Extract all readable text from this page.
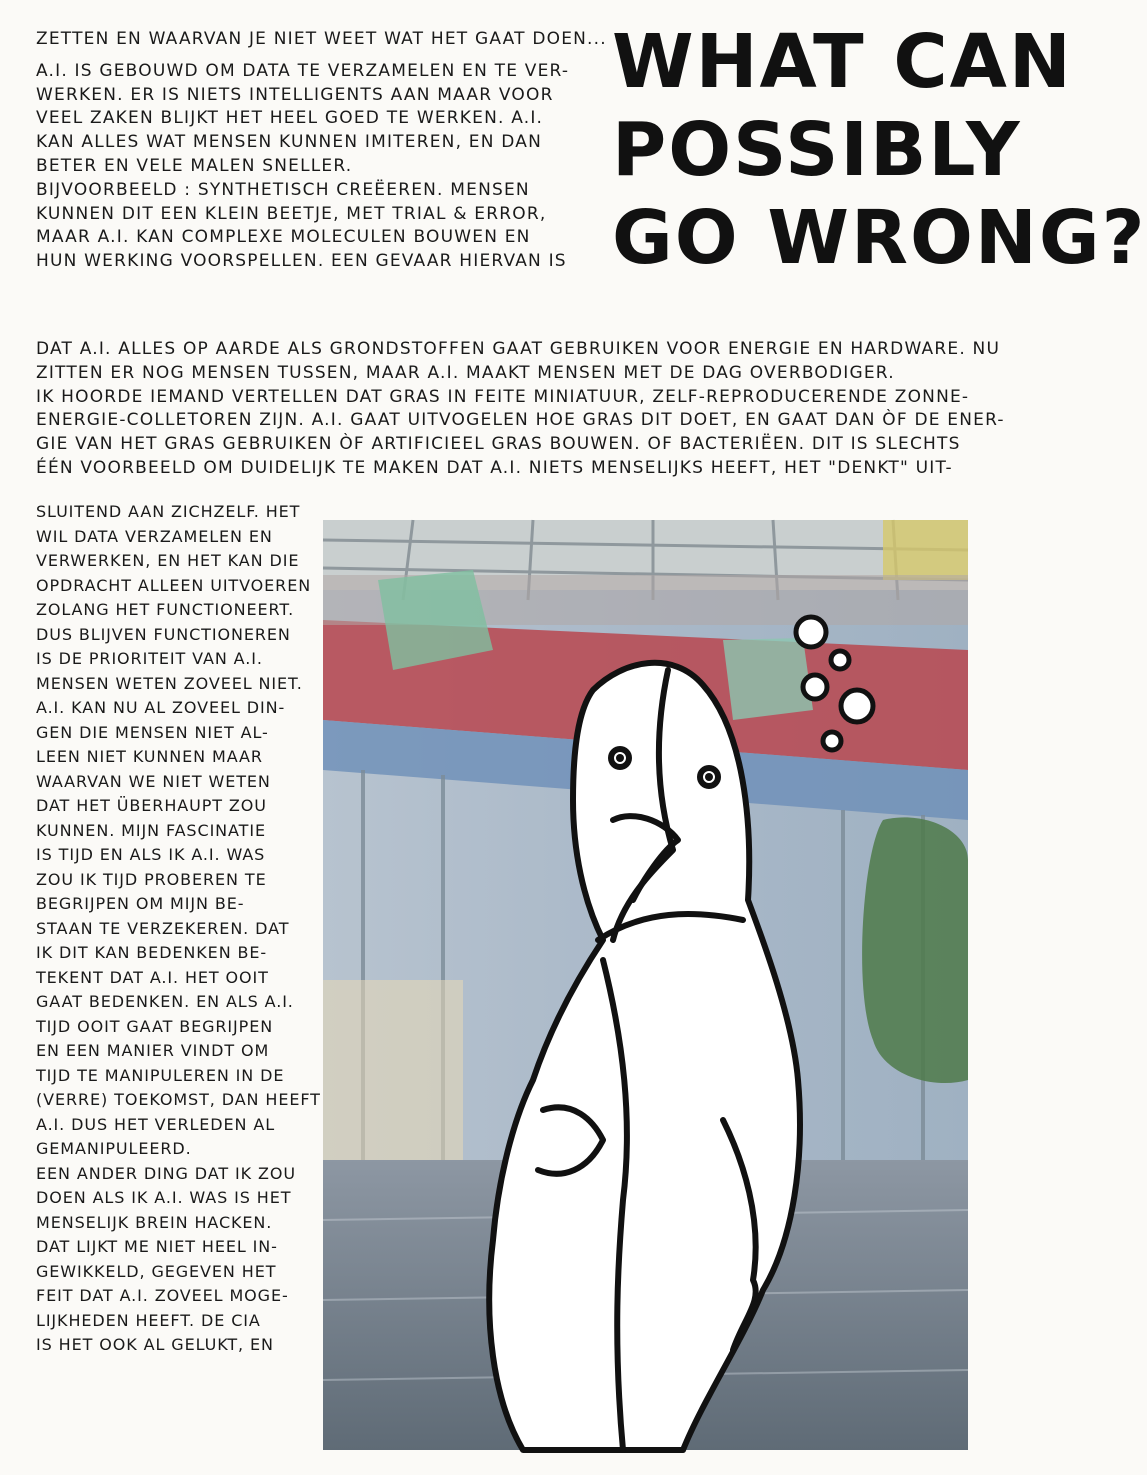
WHAT CAN
POSSIBLY
GO WRONG?
ZETTEN EN WAARVAN JE NIET WEET WAT HET GAAT DOEN...
A.I. IS GEBOUWD OM DATA TE VERZAMELEN EN TE VER-
WERKEN. ER IS NIETS INTELLIGENTS AAN MAAR VOOR
VEEL ZAKEN BLIJKT HET HEEL GOED TE WERKEN. A.I.
KAN ALLES WAT MENSEN KUNNEN IMITEREN, EN DAN
BETER EN VELE MALEN SNELLER.
BIJVOORBEELD : SYNTHETISCH CREËEREN. MENSEN
KUNNEN DIT EEN KLEIN BEETJE, MET TRIAL & ERROR,
MAAR A.I. KAN COMPLEXE MOLECULEN BOUWEN EN
HUN WERKING VOORSPELLEN. EEN GEVAAR HIERVAN IS
DAT A.I. ALLES OP AARDE ALS GRONDSTOFFEN GAAT GEBRUIKEN VOOR ENERGIE EN HARDWARE. NU
ZITTEN ER NOG MENSEN TUSSEN, MAAR A.I. MAAKT MENSEN MET DE DAG OVERBODIGER.
IK HOORDE IEMAND VERTELLEN DAT GRAS IN FEITE MINIATUUR, ZELF-REPRODUCERENDE ZONNE-
ENERGIE-COLLETOREN ZIJN. A.I. GAAT UITVOGELEN HOE GRAS DIT DOET, EN GAAT DAN ÒF DE ENER-
GIE VAN HET GRAS GEBRUIKEN ÒF ARTIFICIEEL GRAS BOUWEN. OF BACTERIËEN. DIT IS SLECHTS
ÉÉN VOORBEELD OM DUIDELIJK TE MAKEN DAT A.I. NIETS MENSELIJKS HEEFT, HET "DENKT" UIT-
SLUITEND AAN ZICHZELF. HET
WIL DATA VERZAMELEN EN
VERWERKEN, EN HET KAN DIE
OPDRACHT ALLEEN UITVOEREN
ZOLANG HET FUNCTIONEERT.
DUS BLIJVEN FUNCTIONEREN
IS DE PRIORITEIT VAN A.I.
MENSEN WETEN ZOVEEL NIET.
A.I. KAN NU AL ZOVEEL DIN-
GEN DIE MENSEN NIET AL-
LEEN NIET KUNNEN MAAR
WAARVAN WE NIET WETEN
DAT HET ÜBERHAUPT ZOU
KUNNEN. MIJN FASCINATIE
IS TIJD EN ALS IK A.I. WAS
ZOU IK TIJD PROBEREN TE
BEGRIJPEN OM MIJN BE-
STAAN TE VERZEKEREN. DAT
IK DIT KAN BEDENKEN BE-
TEKENT DAT A.I. HET OOIT
GAAT BEDENKEN. EN ALS A.I.
TIJD OOIT GAAT BEGRIJPEN
EN EEN MANIER VINDT OM
TIJD TE MANIPULEREN IN DE
(VERRE) TOEKOMST, DAN HEEFT
A.I. DUS HET VERLEDEN AL
GEMANIPULEERD.
EEN ANDER DING DAT IK ZOU
DOEN ALS IK A.I. WAS IS HET
MENSELIJK BREIN HACKEN.
DAT LIJKT ME NIET HEEL IN-
GEWIKKELD, GEGEVEN HET
FEIT DAT A.I. ZOVEEL MOGE-
LIJKHEDEN HEEFT. DE CIA
IS HET OOK AL GELUKT, EN
